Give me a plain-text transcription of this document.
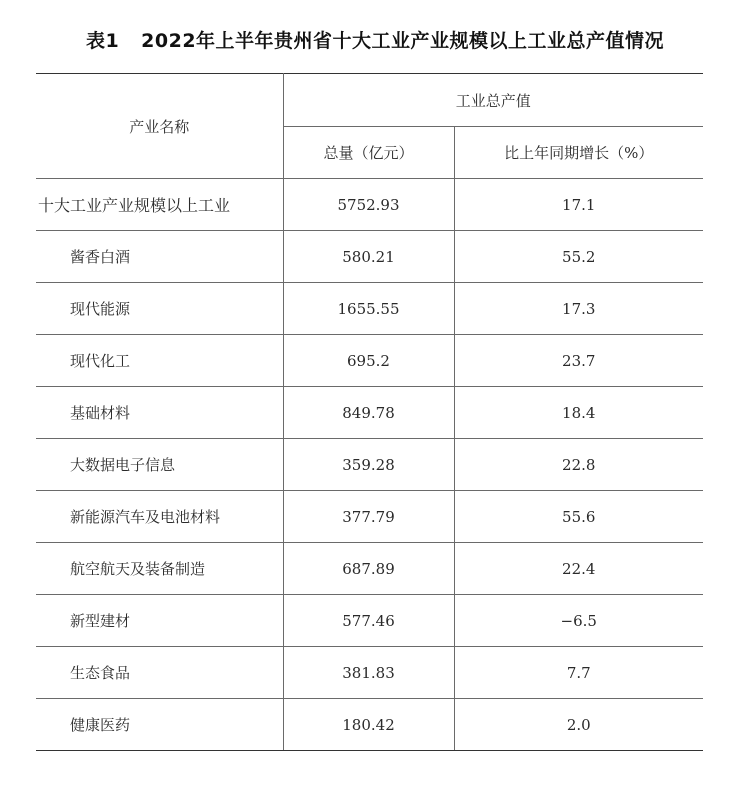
表1 2022年上半年贵州省十大工业产业规模以上工业总产值情况
产业名称	工业总产值	
	总量（亿元）	比上年同期增长（%）
十大工业产业规模以上工业	5752.93	17.1
酱香白酒	580.21	55.2
现代能源	1655.55	17.3
现代化工	695.2	23.7
基础材料	849.78	18.4
大数据电子信息	359.28	22.8
新能源汽车及电池材料	377.79	55.6
航空航天及装备制造	687.89	22.4
新型建材	577.46	−6.5
生态食品	381.83	7.7
健康医药	180.42	2.0
